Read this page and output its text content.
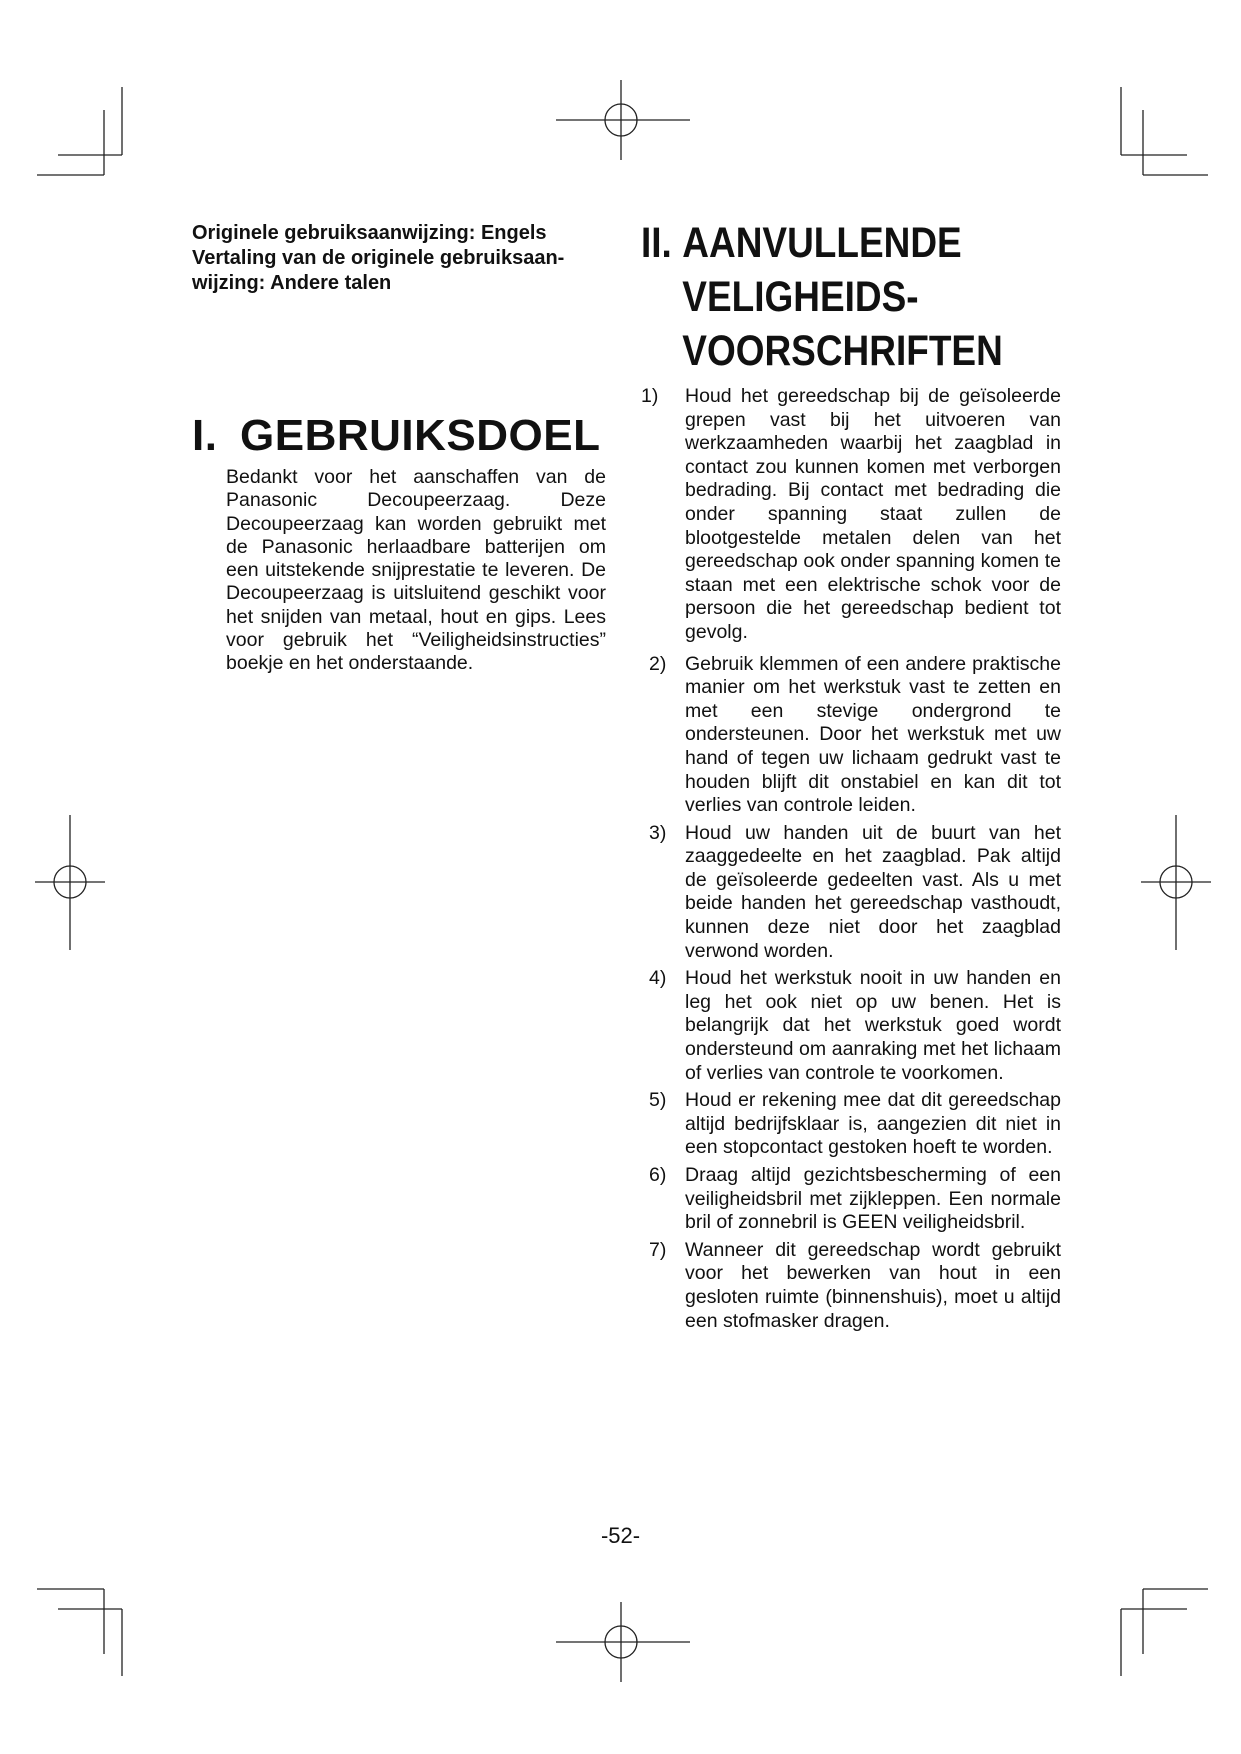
Originele gebruiksaanwijzing: Engels
Vertaling van de originele gebruiksaan-
wijzing: Andere talen
I. GEBRUIKSDOEL

Bedankt voor het aanschaffen van de Panasonic Decoupeerzaag. Deze Decoupeerzaag kan worden gebruikt met de Panasonic herlaadbare batterijen om een uitstekende snijprestatie te leveren. De Decoupeerzaag is uitsluitend geschikt voor het snijden van metaal, hout en gips. Lees voor gebruik het “Veiligheidsinstructies” boekje en het onderstaande.

II. AANVULLENDE
VELIGHEIDS-
VOORSCHRIFTEN
1)	Houd het gereedschap bij de geïsoleerde grepen vast bij het uitvoeren van werkzaamheden waarbij het zaagblad in contact zou kunnen komen met verborgen bedrading. Bij contact met bedrading die onder spanning staat zullen de blootgestelde metalen delen van het gereedschap ook onder spanning komen te staan met een elektrische schok voor de persoon die het gereedschap bedient tot gevolg.
2) Gebruik klemmen of een andere praktische manier om het werkstuk vast te zetten en met een stevige ondergrond te ondersteunen. Door het werkstuk met uw hand of tegen uw lichaam gedrukt vast te houden blijft dit onstabiel en kan dit tot verlies van controle leiden.
3) Houd uw handen uit de buurt van het zaaggedeelte en het zaagblad. Pak altijd de geïsoleerde gedeelten vast. Als u met beide handen het gereedschap vasthoudt, kunnen deze niet door het zaagblad verwond worden.
4) Houd het werkstuk nooit in uw handen en leg het ook niet op uw benen. Het is belangrijk dat het werkstuk goed wordt ondersteund om aanraking met het lichaam of verlies van controle te voorkomen.
5) Houd er rekening mee dat dit gereedschap altijd bedrijfsklaar is, aangezien dit niet in een stopcontact gestoken hoeft te worden.
6) Draag altijd gezichtsbescherming of een veiligheidsbril met zijkleppen. Een normale bril of zonnebril is GEEN veiligheidsbril.
7) Wanneer dit gereedschap wordt gebruikt voor het bewerken van hout in een gesloten ruimte (binnenshuis), moet u altijd een stofmasker dragen.
-52-
